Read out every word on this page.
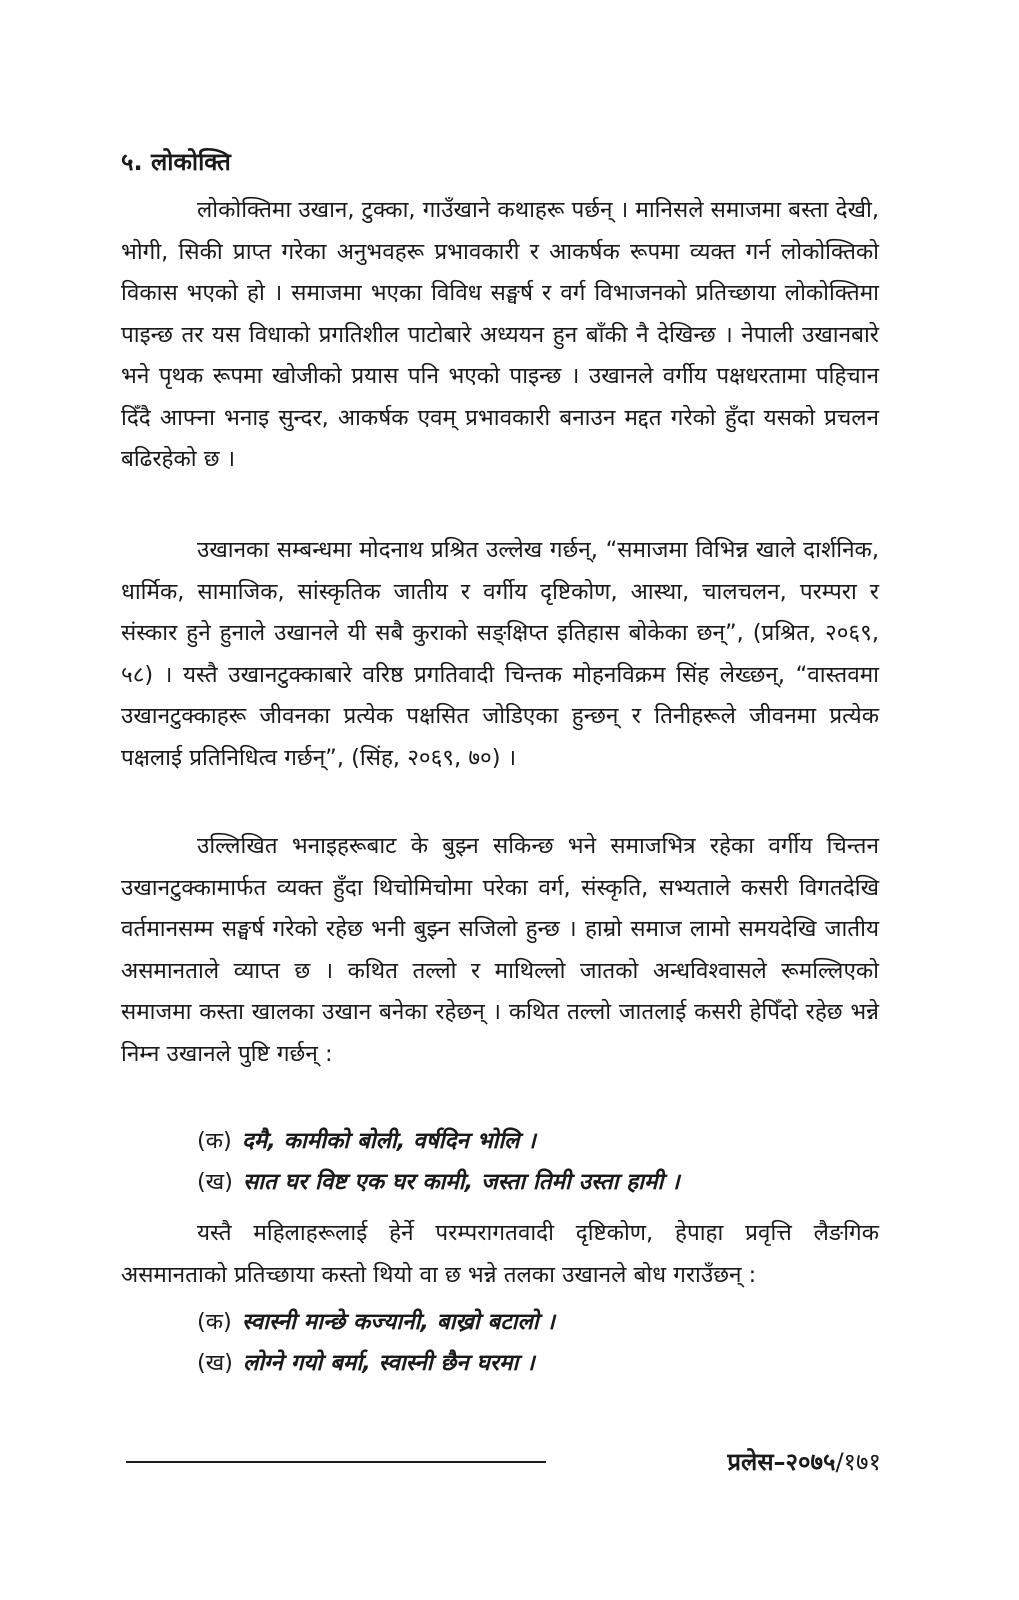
५. लोकोक्ति

लोकोक्तिमा उखान, टुक्का, गाउँखाने कथाहरू पर्छन् । मानिसले समाजमा बस्ता देखी, भोगी, सिकी प्राप्त गरेका अनुभवहरू प्रभावकारी र आकर्षक रूपमा व्यक्त गर्न लोकोक्तिको विकास भएको हो । समाजमा भएका विविध सङ्घर्ष र वर्ग विभाजनको प्रतिच्छाया लोकोक्तिमा पाइन्छ तर यस विधाको प्रगतिशील पाटोबारे अध्ययन हुन बाँकी नै देखिन्छ । नेपाली उखानबारे भने पृथक रूपमा खोजीको प्रयास पनि भएको पाइन्छ । उखानले वर्गीय पक्षधरतामा पहिचान दिँदै आफ्ना भनाइ सुन्दर, आकर्षक एवम् प्रभावकारी बनाउन मद्दत गरेको हुँदा यसको प्रचलन बढिरहेको छ ।

उखानका सम्बन्धमा मोदनाथ प्रश्रित उल्लेख गर्छन्, “समाजमा विभिन्न खाले दार्शनिक, धार्मिक, सामाजिक, सांस्कृतिक जातीय र वर्गीय दृष्टिकोण, आस्था, चालचलन, परम्परा र संस्कार हुने हुनाले उखानले यी सबै कुराको सङ्क्षिप्त इतिहास बोकेका छन्”, (प्रश्रित, २०६९, ५८) । यस्तै उखानटुक्काबारे वरिष्ठ प्रगतिवादी चिन्तक मोहनविक्रम सिंह लेख्छन्, “वास्तवमा उखानटुक्काहरू जीवनका प्रत्येक पक्षसित जोडिएका हुन्छन् र तिनीहरूले जीवनमा प्रत्येक पक्षलाई प्रतिनिधित्व गर्छन्”, (सिंह, २०६९, ७०) ।

उल्लिखित भनाइहरूबाट के बुझ्न सकिन्छ भने समाजभित्र रहेका वर्गीय चिन्तन उखानटुक्कामार्फत व्यक्त हुँदा थिचोमिचोमा परेका वर्ग, संस्कृति, सभ्यताले कसरी विगतदेखि वर्तमानसम्म सङ्घर्ष गरेको रहेछ भनी बुझ्न सजिलो हुन्छ । हाम्रो समाज लामो समयदेखि जातीय असमानताले व्याप्त छ । कथित तल्लो र माथिल्लो जातको अन्धविश्वासले रूमल्लिएको समाजमा कस्ता खालका उखान बनेका रहेछन् । कथित तल्लो जातलाई कसरी हेपिँदो रहेछ भन्ने निम्न उखानले पुष्टि गर्छन् :

(क) दमै, कामीको बोली, वर्षदिन भोलि ।
(ख) सात घर विष्ट एक घर कामी, जस्ता तिमी उस्ता हामी ।

यस्तै महिलाहरूलाई हेर्ने परम्परागतवादी दृष्टिकोण, हेपाहा प्रवृत्ति लैङगिक असमानताको प्रतिच्छाया कस्तो थियो वा छ भन्ने तलका उखानले बोध गराउँछन् :

(क) स्वास्नी मान्छे कज्यानी, बाख्रो बटालो ।
(ख) लोग्ने गयो बर्मा, स्वास्नी छैन घरमा ।
प्रलेस–२०७५/१७१
